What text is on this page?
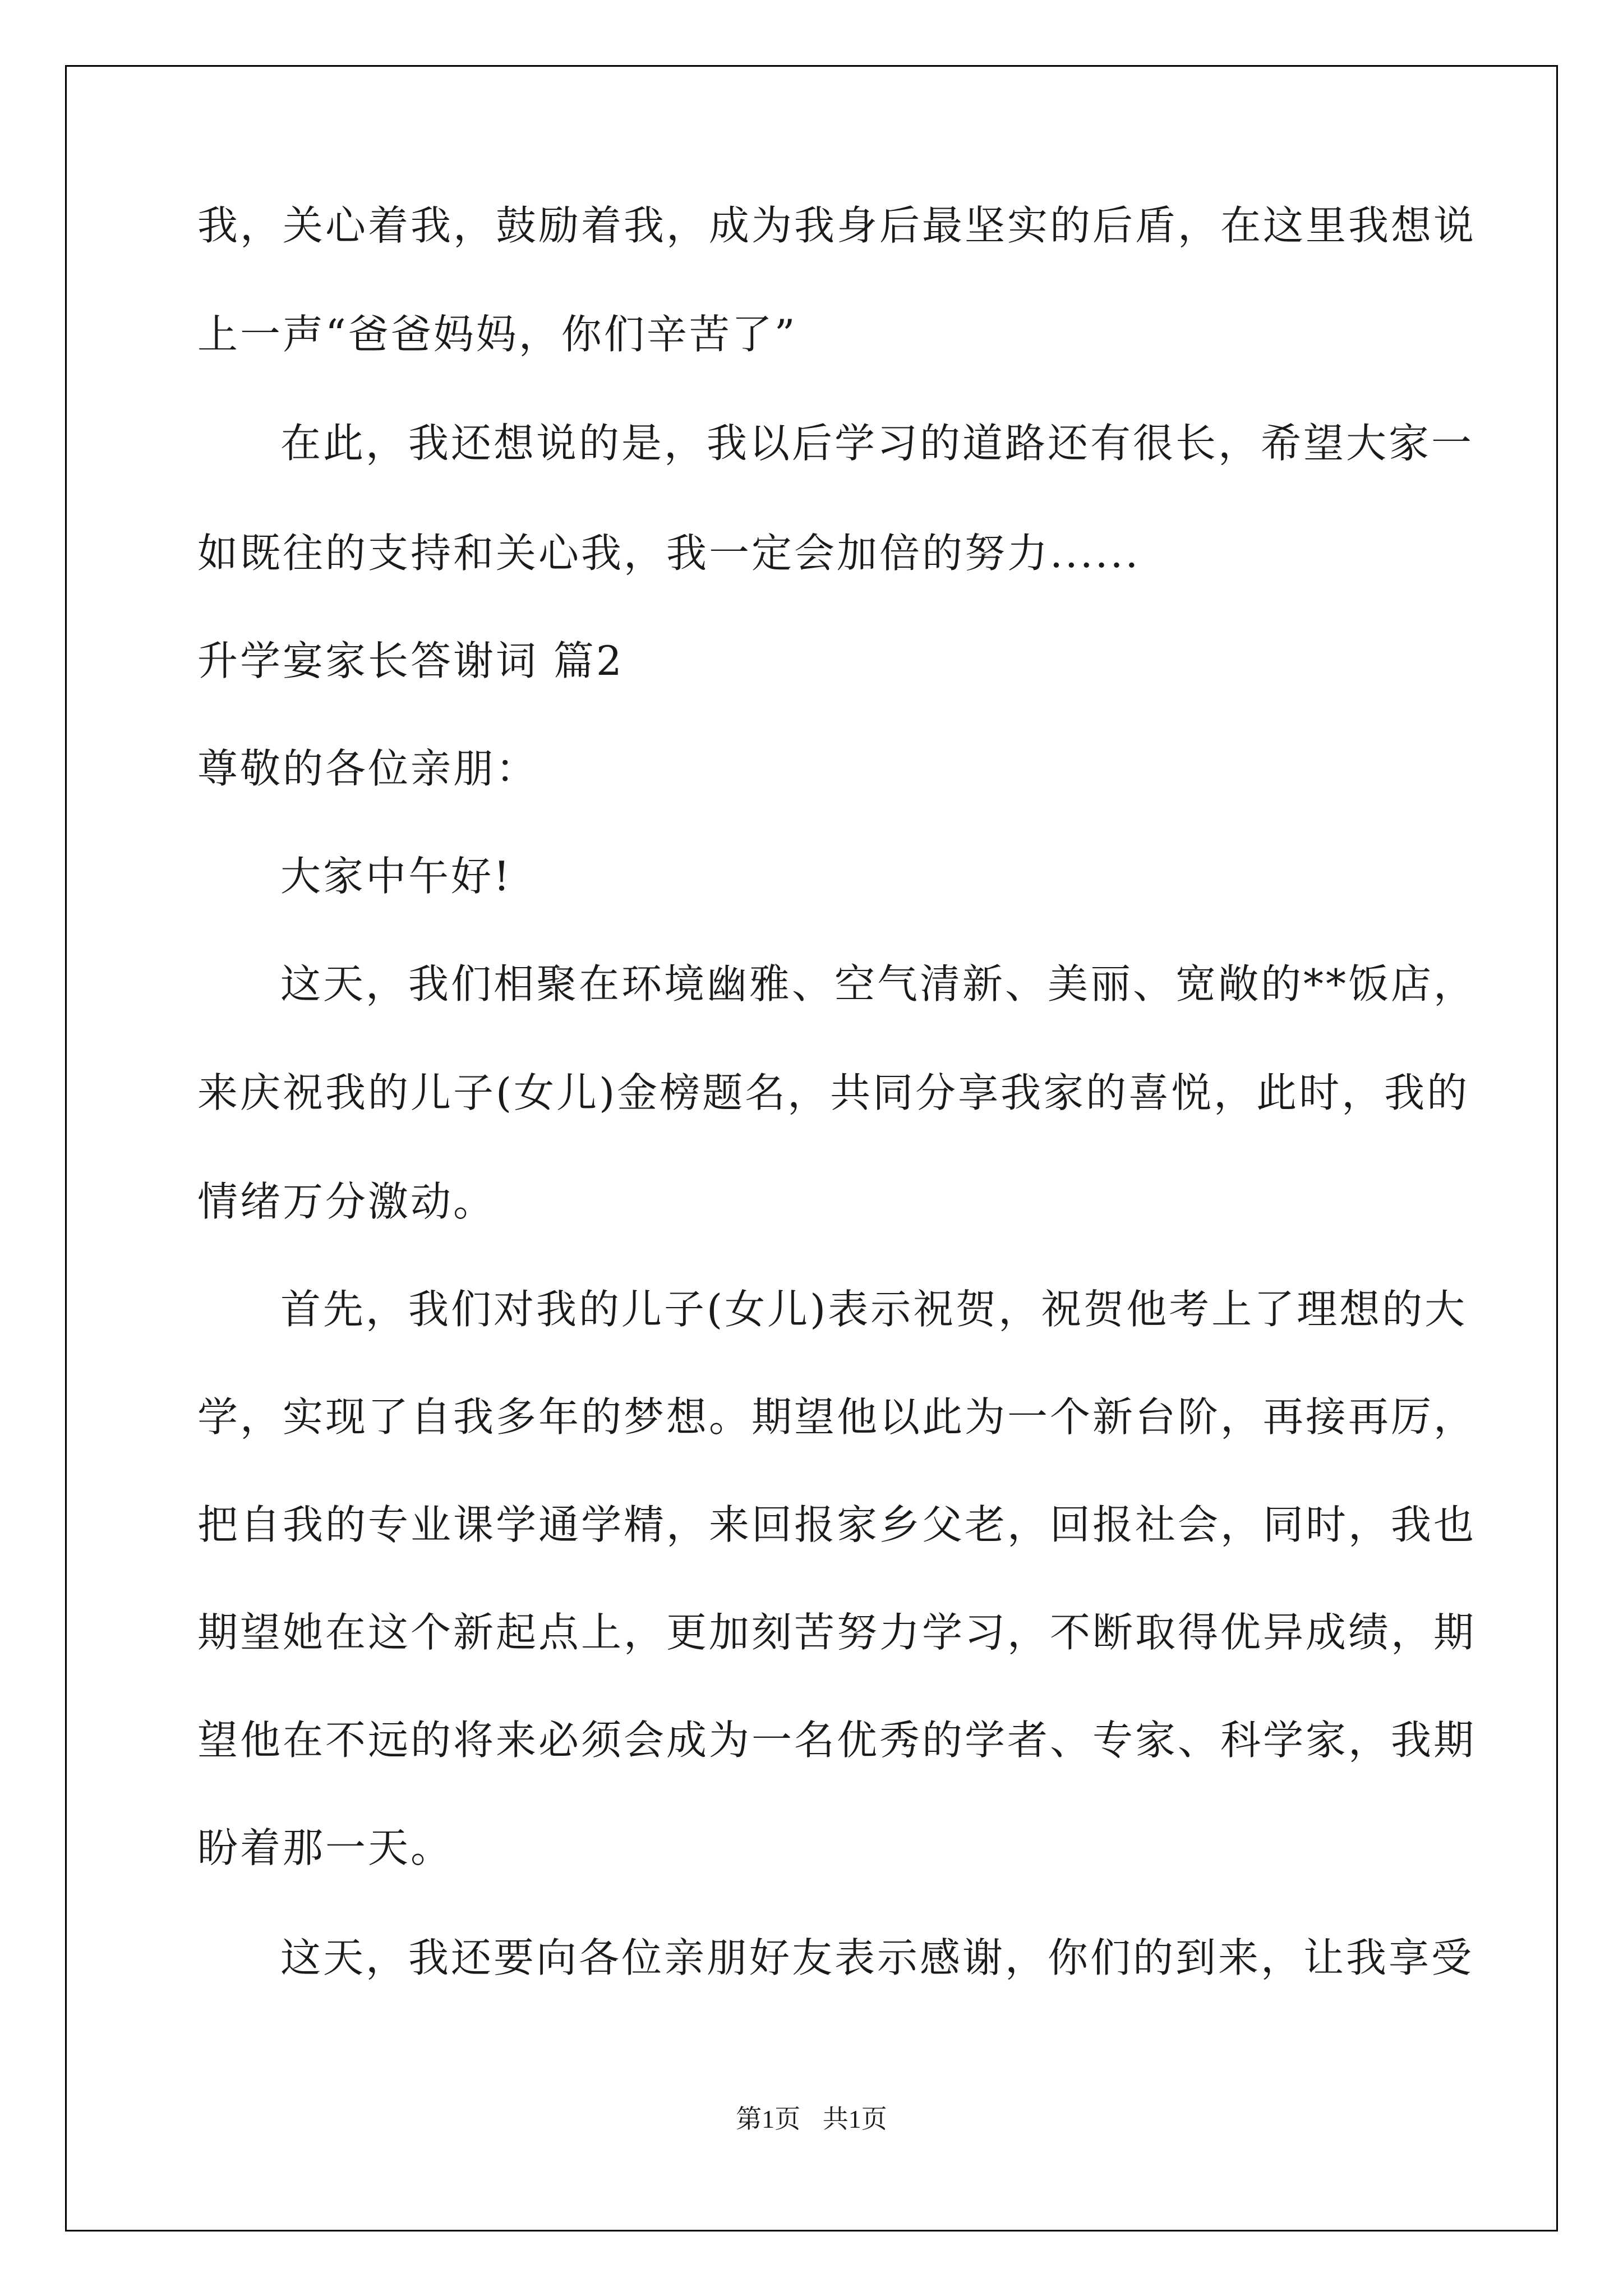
我，关心着我，鼓励着我，成为我身后最坚实的后盾，在这里我想说
上一声“爸爸妈妈，你们辛苦了”
在此，我还想说的是，我以后学习的道路还有很长，希望大家一
如既往的支持和关心我，我一定会加倍的努力......
升学宴家长答谢词 篇2
尊敬的各位亲朋：
大家中午好!
这天，我们相聚在环境幽雅、空气清新、美丽、宽敞的**饭店，
来庆祝我的儿子(女儿)金榜题名，共同分享我家的喜悦，此时，我的
情绪万分激动。
首先，我们对我的儿子(女儿)表示祝贺，祝贺他考上了理想的大
学，实现了自我多年的梦想。期望他以此为一个新台阶，再接再厉，
把自我的专业课学通学精，来回报家乡父老，回报社会，同时，我也
期望她在这个新起点上，更加刻苦努力学习，不断取得优异成绩，期
望他在不远的将来必须会成为一名优秀的学者、专家、科学家，我期
盼着那一天。
这天，我还要向各位亲朋好友表示感谢，你们的到来，让我享受
第1页 共1页
